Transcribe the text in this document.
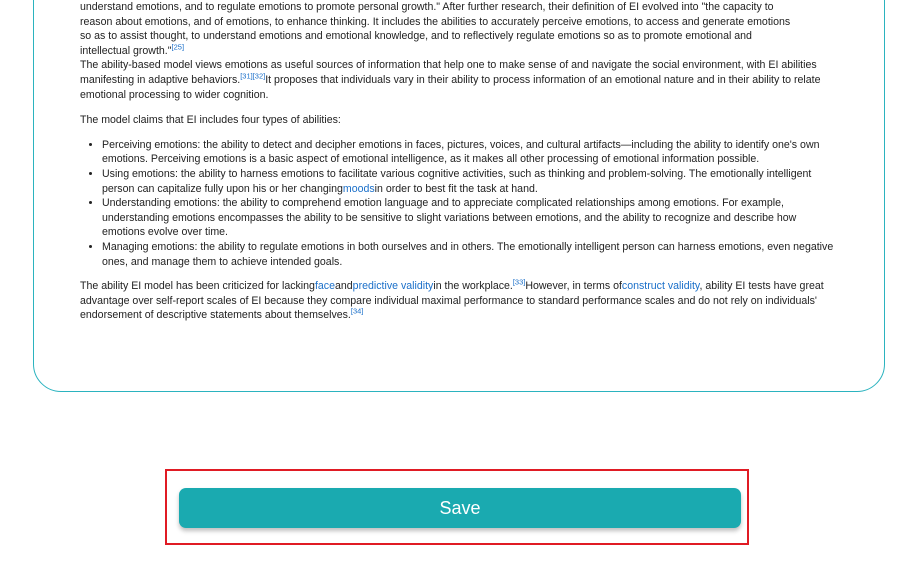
understand emotions, and to regulate emotions to promote personal growth." After further research, their definition of EI evolved into "the capacity to
reason about emotions, and of emotions, to enhance thinking. It includes the abilities to accurately perceive emotions, to access and generate emotions
so as to assist thought, to understand emotions and emotional knowledge, and to reflectively regulate emotions so as to promote emotional and
intellectual growth."[25]

The ability-based model views emotions as useful sources of information that help one to make sense of and navigate the social environment, with EI abilities manifesting in adaptive behaviors.[31][32]It proposes that individuals vary in their ability to process information of an emotional nature and in their ability to relate emotional processing to wider cognition.

The model claims that EI includes four types of abilities:

• Perceiving emotions: the ability to detect and decipher emotions in faces, pictures, voices, and cultural artifacts—including the ability to identify one's own emotions. Perceiving emotions is a basic aspect of emotional intelligence, as it makes all other processing of emotional information possible.
• Using emotions: the ability to harness emotions to facilitate various cognitive activities, such as thinking and problem-solving. The emotionally intelligent person can capitalize fully upon his or her changingmoodsin order to best fit the task at hand.
• Understanding emotions: the ability to comprehend emotion language and to appreciate complicated relationships among emotions. For example, understanding emotions encompasses the ability to be sensitive to slight variations between emotions, and the ability to recognize and describe how emotions evolve over time.
• Managing emotions: the ability to regulate emotions in both ourselves and in others. The emotionally intelligent person can harness emotions, even negative ones, and manage them to achieve intended goals.

The ability EI model has been criticized for lackingfaceandpredictive validityin the workplace.[33]However, in terms ofconstruct validity, ability EI tests have great advantage over self-report scales of EI because they compare individual maximal performance to standard performance scales and do not rely on individuals' endorsement of descriptive statements about themselves.[34]

Save
